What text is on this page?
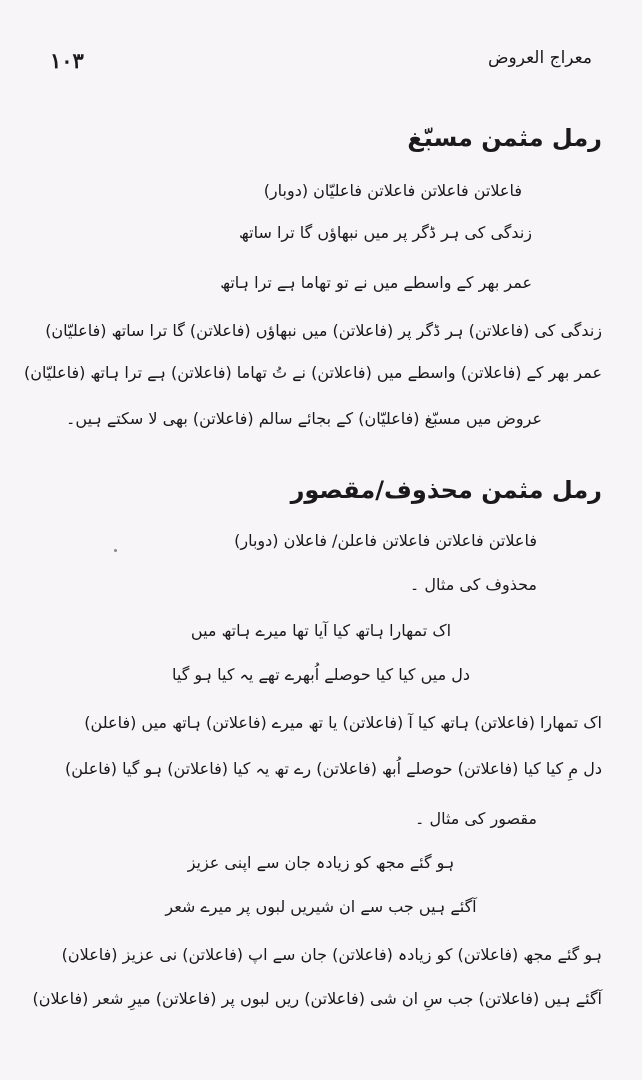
۱۰۳	معراج العروض
رمل مثمن مسبّغ
فاعلاتن فاعلاتن فاعلاتن فاعلیّان (دوبار)
زندگی کی ہر ڈگر پر میں نبھاؤں گا ترا ساتھ
عمر بھر کے واسطے میں نے تو تھاما ہے ترا ہاتھ
زندگی کی (فاعلاتن) ہر ڈگر پر (فاعلاتن) میں نبھاؤں (فاعلاتن) گا ترا ساتھ (فاعلیّان)
عمر بھر کے (فاعلاتن) واسطے میں (فاعلاتن) نے تُ تھاما (فاعلاتن) ہے ترا ہاتھ (فاعلیّان)
عروض میں مسبّغ (فاعلیّان) کے بجائے سالم (فاعلاتن) بھی لا سکتے ہیں۔
رمل مثمن محذوف/مقصور
فاعلاتن فاعلاتن فاعلاتن فاعلن/ فاعلان (دوبار)
محذوف کی مثال ۔
اک تمھارا ہاتھ کیا آیا تھا میرے ہاتھ میں
دل میں کیا کیا حوصلے اُبھرے تھے یہ کیا ہو گیا
اک تمھارا (فاعلاتن) ہاتھ کیا آ (فاعلاتن) یا تھ میرے (فاعلاتن) ہاتھ میں (فاعلن)
دل مِ کیا کیا (فاعلاتن) حوصلے اُبھ (فاعلاتن) رے تھ یہ کیا (فاعلاتن) ہو گیا (فاعلن)
مقصور کی مثال ۔
ہو گئے مجھ کو زیادہ جان سے اپنی عزیز
آگئے ہیں جب سے ان شیریں لبوں پر میرے شعر
ہو گئے مجھ (فاعلاتن) کو زیادہ (فاعلاتن) جان سے اپ (فاعلاتن) نی عزیز (فاعلان)
آگئے ہیں (فاعلاتن) جب سِ ان شی (فاعلاتن) ریں لبوں پر (فاعلاتن) میرِ شعر (فاعلان)
